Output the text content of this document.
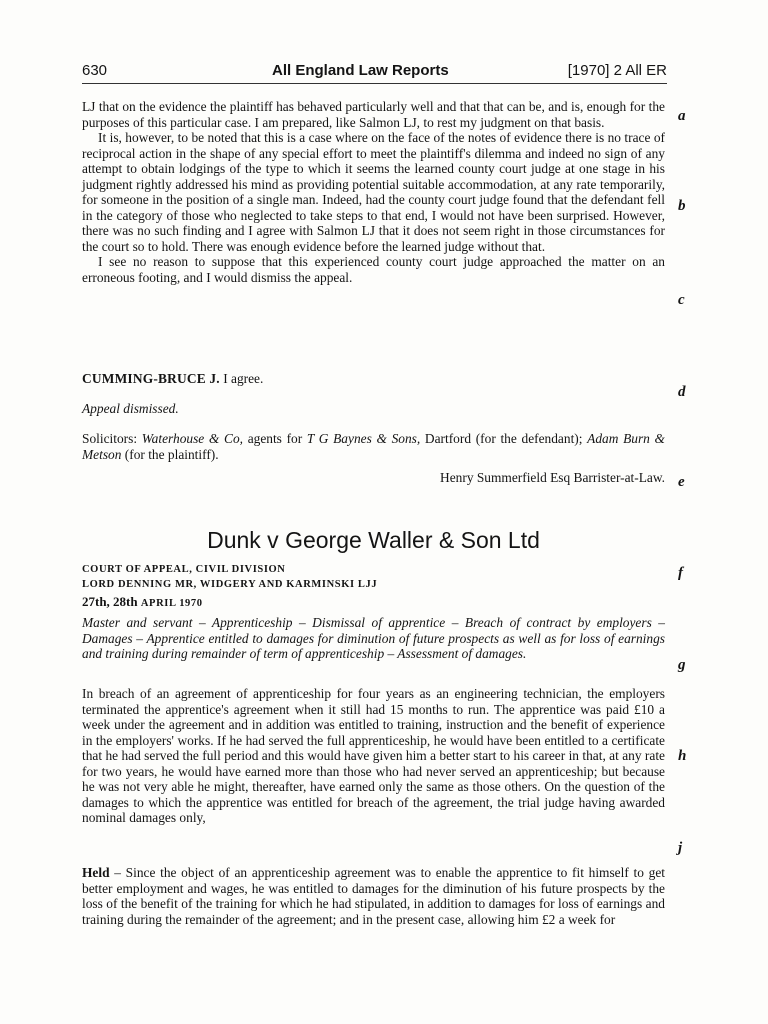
630	All England Law Reports	[1970] 2 All ER
a
b
c
d
e
f
g
h
j

LJ that on the evidence the plaintiff has behaved particularly well and that that can be, and is, enough for the purposes of this particular case. I am prepared, like Salmon LJ, to rest my judgment on that basis.

It is, however, to be noted that this is a case where on the face of the notes of evidence there is no trace of reciprocal action in the shape of any special effort to meet the plaintiff's dilemma and indeed no sign of any attempt to obtain lodgings of the type to which it seems the learned county court judge at one stage in his judgment rightly addressed his mind as providing potential suitable accommodation, at any rate temporarily, for someone in the position of a single man. Indeed, had the county court judge found that the defendant fell in the category of those who neglected to take steps to that end, I would not have been surprised. However, there was no such finding and I agree with Salmon LJ that it does not seem right in those circumstances for the court so to hold. There was enough evidence before the learned judge without that.

I see no reason to suppose that this experienced county court judge approached the matter on an erroneous footing, and I would dismiss the appeal.

CUMMING-BRUCE J. I agree.
Appeal dismissed.
Solicitors: Waterhouse & Co, agents for T G Baynes & Sons, Dartford (for the defendant); Adam Burn & Metson (for the plaintiff).
Henry Summerfield Esq Barrister-at-Law.
Dunk v George Waller & Son Ltd
COURT OF APPEAL, CIVIL DIVISION
LORD DENNING MR, WIDGERY AND KARMINSKI LJJ
27th, 28th APRIL 1970
Master and servant – Apprenticeship – Dismissal of apprentice – Breach of contract by employers – Damages – Apprentice entitled to damages for diminution of future prospects as well as for loss of earnings and training during remainder of term of apprenticeship – Assessment of damages.
In breach of an agreement of apprenticeship for four years as an engineering technician, the employers terminated the apprentice's agreement when it still had 15 months to run. The apprentice was paid £10 a week under the agreement and in addition was entitled to training, instruction and the benefit of experience in the employers' works. If he had served the full apprenticeship, he would have been entitled to a certificate that he had served the full period and this would have given him a better start to his career in that, at any rate for two years, he would have earned more than those who had never served an apprenticeship; but because he was not very able he might, thereafter, have earned only the same as those others. On the question of the damages to which the apprentice was entitled for breach of the agreement, the trial judge having awarded nominal damages only,
Held – Since the object of an apprenticeship agreement was to enable the apprentice to fit himself to get better employment and wages, he was entitled to damages for the diminution of his future prospects by the loss of the benefit of the training for which he had stipulated, in addition to damages for loss of earnings and training during the remainder of the agreement; and in the present case, allowing him £2 a week for
